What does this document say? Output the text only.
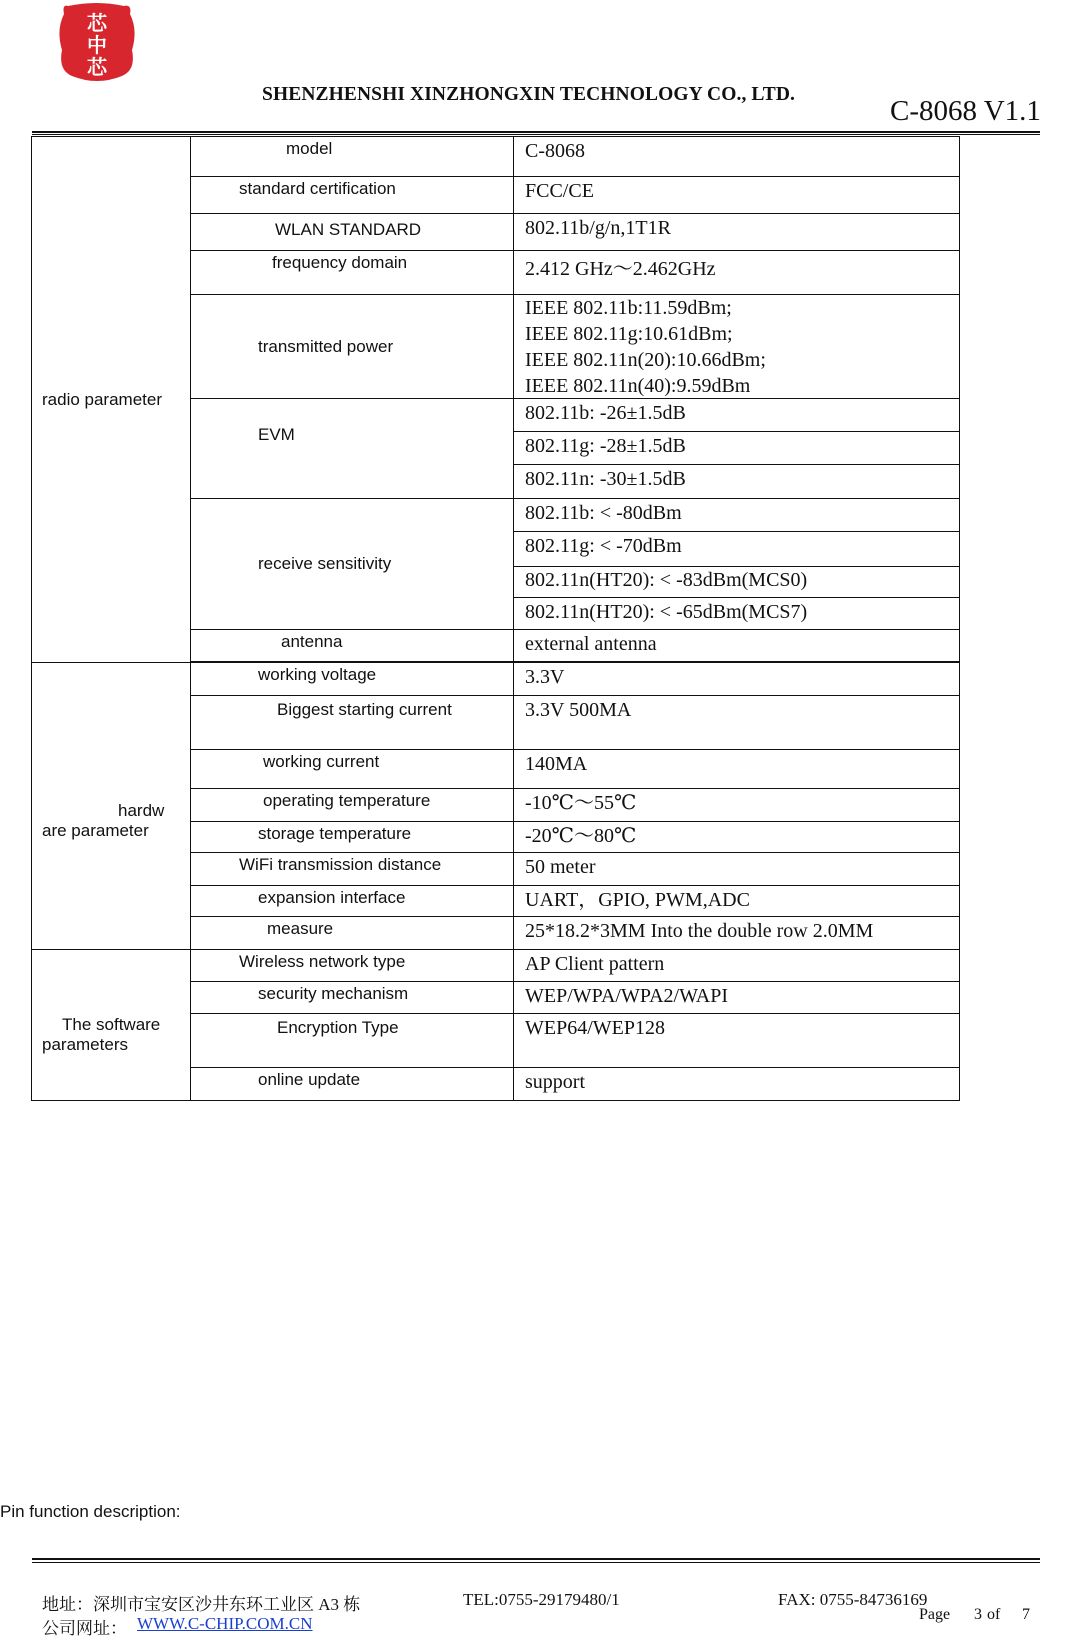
芯
中
芯
SHENZHENSHI XINZHONGXIN TECHNOLOGY CO., LTD.
C-8068 V1.1
radio parameter	model	C-8068

	standard certification	FCC/CE

	WLAN STANDARD	802.11b/g/n,1T1R

	frequency domain	2.412 GHz～2.462GHz

	transmitted power	IEEE 802.11b:11.59dBm;
IEEE 802.11g:10.61dBm;
IEEE 802.11n(20):10.66dBm;
IEEE 802.11n(40):9.59dBm

	EVM	802.11b: -26±1.5dB

		802.11g: -28±1.5dB

		802.11n: -30±1.5dB

	receive sensitivity	802.11b: < -80dBm

		802.11g: < -70dBm

		802.11n(HT20): < -83dBm(MCS0)

		802.11n(HT20): < -65dBm(MCS7)

	antenna	external antenna

hardw
are parameter	working voltage	3.3V

	Biggest starting current	3.3V 500MA

	working current	140MA

	operating temperature	-10℃～55℃

	storage temperature	-20℃～80℃

	WiFi transmission distance	50 meter

	expansion interface	UART，GPIO, PWM,ADC

	measure	25*18.2*3MM Into the double row 2.0MM

The software
parameters	Wireless network type	AP Client pattern

	security mechanism	WEP/WPA/WPA2/WAPI

	Encryption Type	WEP64/WEP128

	online update	support
Pin function description:
地址：深圳市宝安区沙井东环工业区 A3 栋	TEL:0755-29179480/1	FAX: 0755-84736169
公司网址： WWW.C-CHIP.COM.CN	Page 3 of 7
